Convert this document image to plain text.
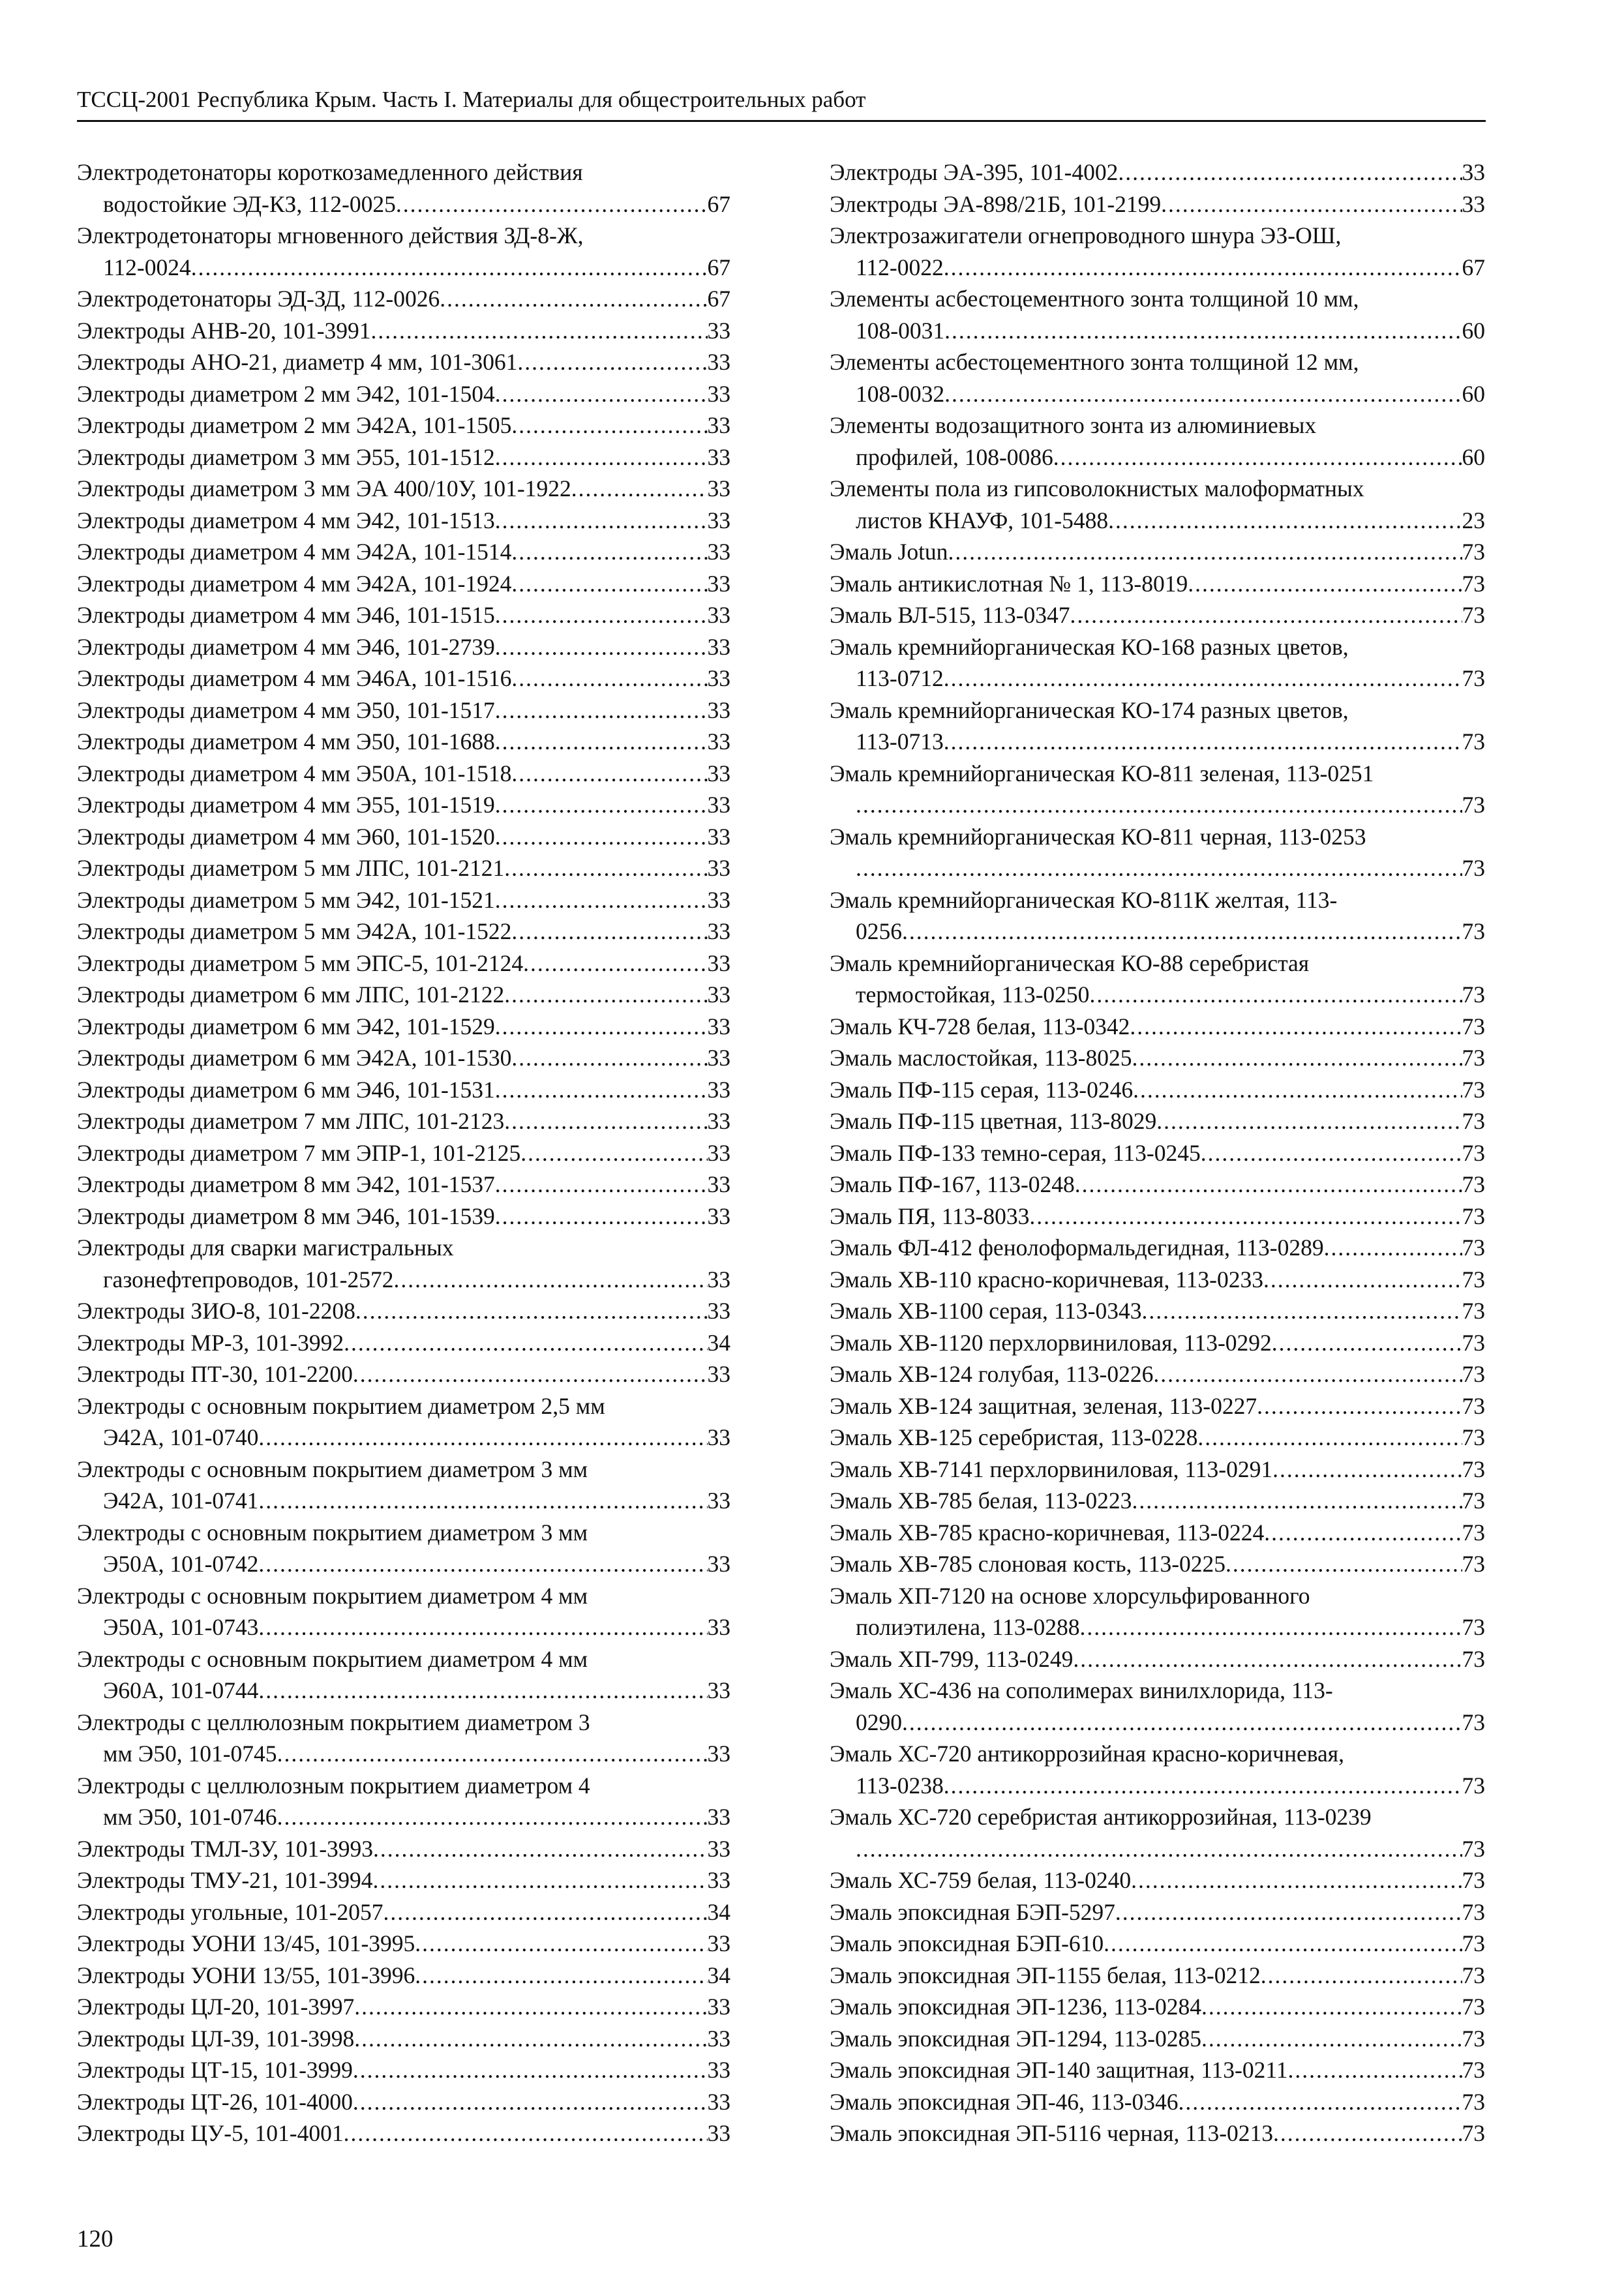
ТССЦ-2001 Республика Крым. Часть I. Материалы для общестроительных работ
Электродетонаторы короткозамедленного действия
водостойкие ЭД-КЗ, 112-0025 .....	67
Электродетонаторы мгновенного действия ЗД-8-Ж,
112-0024 .....	67
Электродетонаторы ЭД-ЗД, 112-0026 .....	67
Электроды АНВ-20, 101-3991 .....	33
Электроды АНО-21, диаметр 4 мм, 101-3061 .....	33
Электроды диаметром 2 мм Э42, 101-1504 .....	33
Электроды диаметром 2 мм Э42А, 101-1505 .....	33
Электроды диаметром 3 мм Э55, 101-1512 .....	33
Электроды диаметром 3 мм ЭА 400/10У, 101-1922 .....	33
Электроды диаметром 4 мм Э42, 101-1513 .....	33
Электроды диаметром 4 мм Э42А, 101-1514 .....	33
Электроды диаметром 4 мм Э42А, 101-1924 .....	33
Электроды диаметром 4 мм Э46, 101-1515 .....	33
Электроды диаметром 4 мм Э46, 101-2739 .....	33
Электроды диаметром 4 мм Э46А, 101-1516 .....	33
Электроды диаметром 4 мм Э50, 101-1517 .....	33
Электроды диаметром 4 мм Э50, 101-1688 .....	33
Электроды диаметром 4 мм Э50А, 101-1518 .....	33
Электроды диаметром 4 мм Э55, 101-1519 .....	33
Электроды диаметром 4 мм Э60, 101-1520 .....	33
Электроды диаметром 5 мм ЛПС, 101-2121 .....	33
Электроды диаметром 5 мм Э42, 101-1521 .....	33
Электроды диаметром 5 мм Э42А, 101-1522 .....	33
Электроды диаметром 5 мм ЭПС-5, 101-2124 .....	33
Электроды диаметром 6 мм ЛПС, 101-2122 .....	33
Электроды диаметром 6 мм Э42, 101-1529 .....	33
Электроды диаметром 6 мм Э42А, 101-1530 .....	33
Электроды диаметром 6 мм Э46, 101-1531 .....	33
Электроды диаметром 7 мм ЛПС, 101-2123 .....	33
Электроды диаметром 7 мм ЭПР-1, 101-2125 .....	33
Электроды диаметром 8 мм Э42, 101-1537 .....	33
Электроды диаметром 8 мм Э46, 101-1539 .....	33
Электроды для сварки магистральных
газонефтепроводов, 101-2572 .....	33
Электроды ЗИО-8, 101-2208 .....	33
Электроды МР-3, 101-3992 .....	34
Электроды ПТ-30, 101-2200 .....	33
Электроды с основным покрытием диаметром 2,5 мм
Э42А, 101-0740 .....	33
Электроды с основным покрытием диаметром 3 мм
Э42А, 101-0741 .....	33
Электроды с основным покрытием диаметром 3 мм
Э50А, 101-0742 .....	33
Электроды с основным покрытием диаметром 4 мм
Э50А, 101-0743 .....	33
Электроды с основным покрытием диаметром 4 мм
Э60А, 101-0744 .....	33
Электроды с целлюлозным покрытием диаметром 3
мм Э50, 101-0745 .....	33
Электроды с целлюлозным покрытием диаметром 4
мм Э50, 101-0746 .....	33
Электроды ТМЛ-3У, 101-3993 .....	33
Электроды ТМУ-21, 101-3994 .....	33
Электроды угольные, 101-2057 .....	34
Электроды УОНИ 13/45, 101-3995 .....	33
Электроды УОНИ 13/55, 101-3996 .....	34
Электроды ЦЛ-20, 101-3997 .....	33
Электроды ЦЛ-39, 101-3998 .....	33
Электроды ЦТ-15, 101-3999 .....	33
Электроды ЦТ-26, 101-4000 .....	33
Электроды ЦУ-5, 101-4001 .....	33
Электроды ЭА-395, 101-4002 .....	33
Электроды ЭА-898/21Б, 101-2199 .....	33
Электрозажигатели огнепроводного шнура ЭЗ-ОШ,
112-0022 .....	67
Элементы асбестоцементного зонта толщиной 10 мм,
108-0031 .....	60
Элементы асбестоцементного зонта толщиной 12 мм,
108-0032 .....	60
Элементы водозащитного зонта из алюминиевых
профилей, 108-0086 .....	60
Элементы пола из гипсоволокнистых малоформатных
листов КНАУФ, 101-5488 .....	23
Эмаль Jotun .....	73
Эмаль антикислотная № 1, 113-8019 .....	73
Эмаль ВЛ-515, 113-0347 .....	73
Эмаль кремнийорганическая КО-168 разных цветов,
113-0712 .....	73
Эмаль кремнийорганическая КО-174 разных цветов,
113-0713 .....	73
Эмаль кремнийорганическая КО-811 зеленая, 113-0251
.....
73
Эмаль кремнийорганическая КО-811 черная, 113-0253
.....
73
Эмаль кремнийорганическая КО-811К желтая, 113-
0256 .....	73
Эмаль кремнийорганическая КО-88 серебристая
термостойкая, 113-0250 .....	73
Эмаль КЧ-728 белая, 113-0342 .....	73
Эмаль маслостойкая, 113-8025 .....	73
Эмаль ПФ-115 серая, 113-0246 .....	73
Эмаль ПФ-115 цветная, 113-8029 .....	73
Эмаль ПФ-133 темно-серая, 113-0245 .....	73
Эмаль ПФ-167, 113-0248 .....	73
Эмаль ПЯ, 113-8033 .....	73
Эмаль ФЛ-412 фенолоформальдегидная, 113-0289 .....	73
Эмаль ХВ-110 красно-коричневая, 113-0233 .....	73
Эмаль ХВ-1100 серая, 113-0343 .....	73
Эмаль ХВ-1120 перхлорвиниловая, 113-0292 .....	73
Эмаль ХВ-124 голубая, 113-0226 .....	73
Эмаль ХВ-124 защитная, зеленая, 113-0227 .....	73
Эмаль ХВ-125 серебристая, 113-0228 .....	73
Эмаль ХВ-7141 перхлорвиниловая, 113-0291 .....	73
Эмаль ХВ-785 белая, 113-0223 .....	73
Эмаль ХВ-785 красно-коричневая, 113-0224 .....	73
Эмаль ХВ-785 слоновая кость, 113-0225 .....	73
Эмаль ХП-7120 на основе хлорсульфированного
полиэтилена, 113-0288 .....	73
Эмаль ХП-799, 113-0249 .....	73
Эмаль ХС-436 на сополимерах винилхлорида, 113-
0290 .....	73
Эмаль ХС-720 антикоррозийная красно-коричневая,
113-0238 .....	73
Эмаль ХС-720 серебристая антикоррозийная, 113-0239
.....
73
Эмаль ХС-759 белая, 113-0240 .....	73
Эмаль эпоксидная БЭП-5297 .....	73
Эмаль эпоксидная БЭП-610 .....	73
Эмаль эпоксидная ЭП-1155 белая, 113-0212 .....	73
Эмаль эпоксидная ЭП-1236, 113-0284 .....	73
Эмаль эпоксидная ЭП-1294, 113-0285 .....	73
Эмаль эпоксидная ЭП-140 защитная, 113-0211 .....	73
Эмаль эпоксидная ЭП-46, 113-0346 .....	73
Эмаль эпоксидная ЭП-5116 черная, 113-0213 .....	73
120
